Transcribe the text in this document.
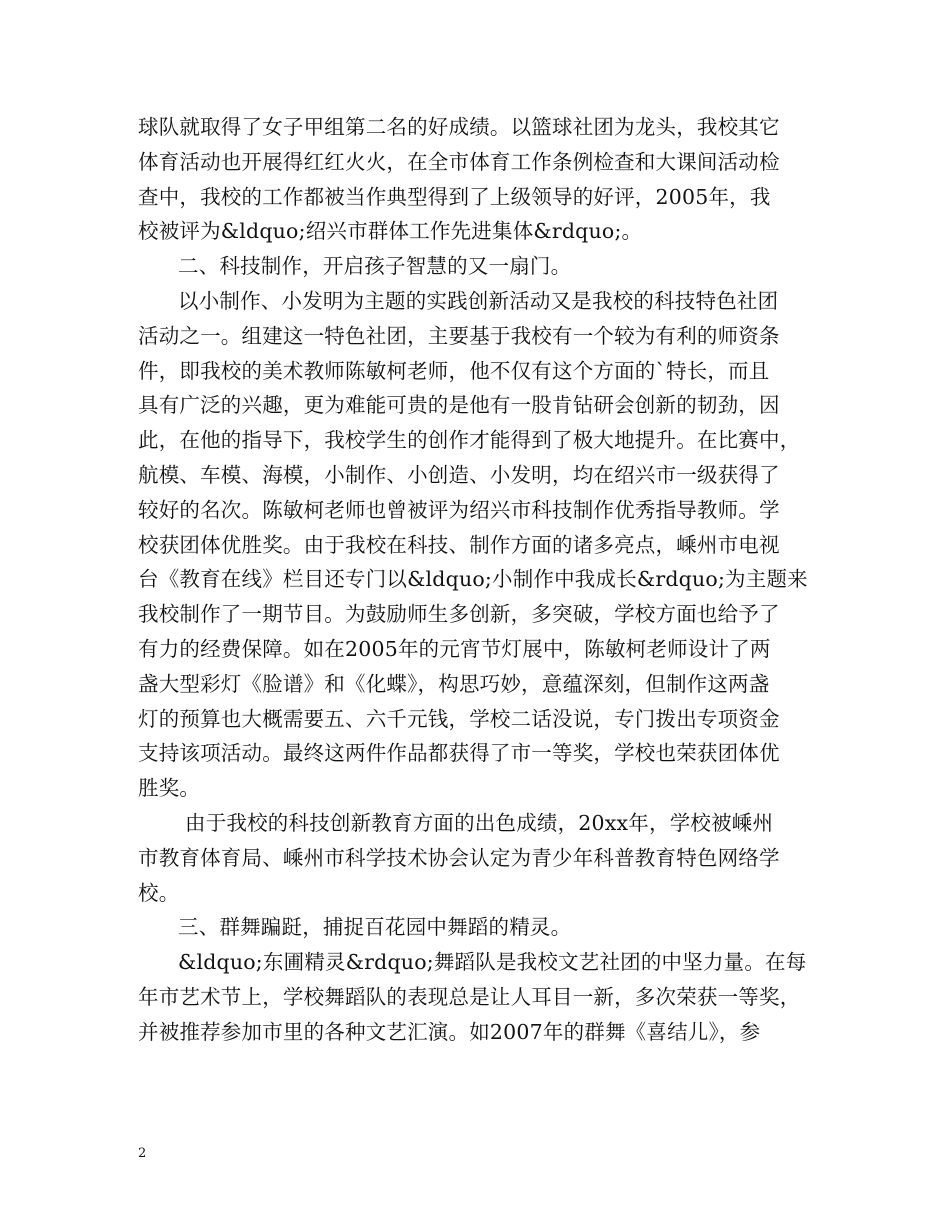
球队就取得了女子甲组第二名的好成绩。以篮球社团为龙头，我校其它
体育活动也开展得红红火火，在全市体育工作条例检查和大课间活动检
查中，我校的工作都被当作典型得到了上级领导的好评，2005年，我
校被评为&ldquo;绍兴市群体工作先进集体&rdquo;。
二、科技制作，开启孩子智慧的又一扇门。
以小制作、小发明为主题的实践创新活动又是我校的科技特色社团
活动之一。组建这一特色社团，主要基于我校有一个较为有利的师资条
件，即我校的美术教师陈敏柯老师，他不仅有这个方面的`特长，而且
具有广泛的兴趣，更为难能可贵的是他有一股肯钻研会创新的韧劲，因
此，在他的指导下，我校学生的创作才能得到了极大地提升。在比赛中，
航模、车模、海模，小制作、小创造、小发明，均在绍兴市一级获得了
较好的名次。陈敏柯老师也曾被评为绍兴市科技制作优秀指导教师。学
校获团体优胜奖。由于我校在科技、制作方面的诸多亮点，嵊州市电视
台《教育在线》栏目还专门以&ldquo;小制作中我成长&rdquo;为主题来
我校制作了一期节目。为鼓励师生多创新，多突破，学校方面也给予了
有力的经费保障。如在2005年的元宵节灯展中，陈敏柯老师设计了两
盏大型彩灯《脸谱》和《化蝶》，构思巧妙，意蕴深刻，但制作这两盏
灯的预算也大概需要五、六千元钱，学校二话没说，专门拨出专项资金
支持该项活动。最终这两件作品都获得了市一等奖，学校也荣获团体优
胜奖。
由于我校的科技创新教育方面的出色成绩，20xx年，学校被嵊州
市教育体育局、嵊州市科学技术协会认定为青少年科普教育特色网络学
校。
三、群舞蹁跹，捕捉百花园中舞蹈的精灵。
&ldquo;东圃精灵&rdquo;舞蹈队是我校文艺社团的中坚力量。在每
年市艺术节上，学校舞蹈队的表现总是让人耳目一新，多次荣获一等奖，
并被推荐参加市里的各种文艺汇演。如2007年的群舞《喜结儿》，参
2
